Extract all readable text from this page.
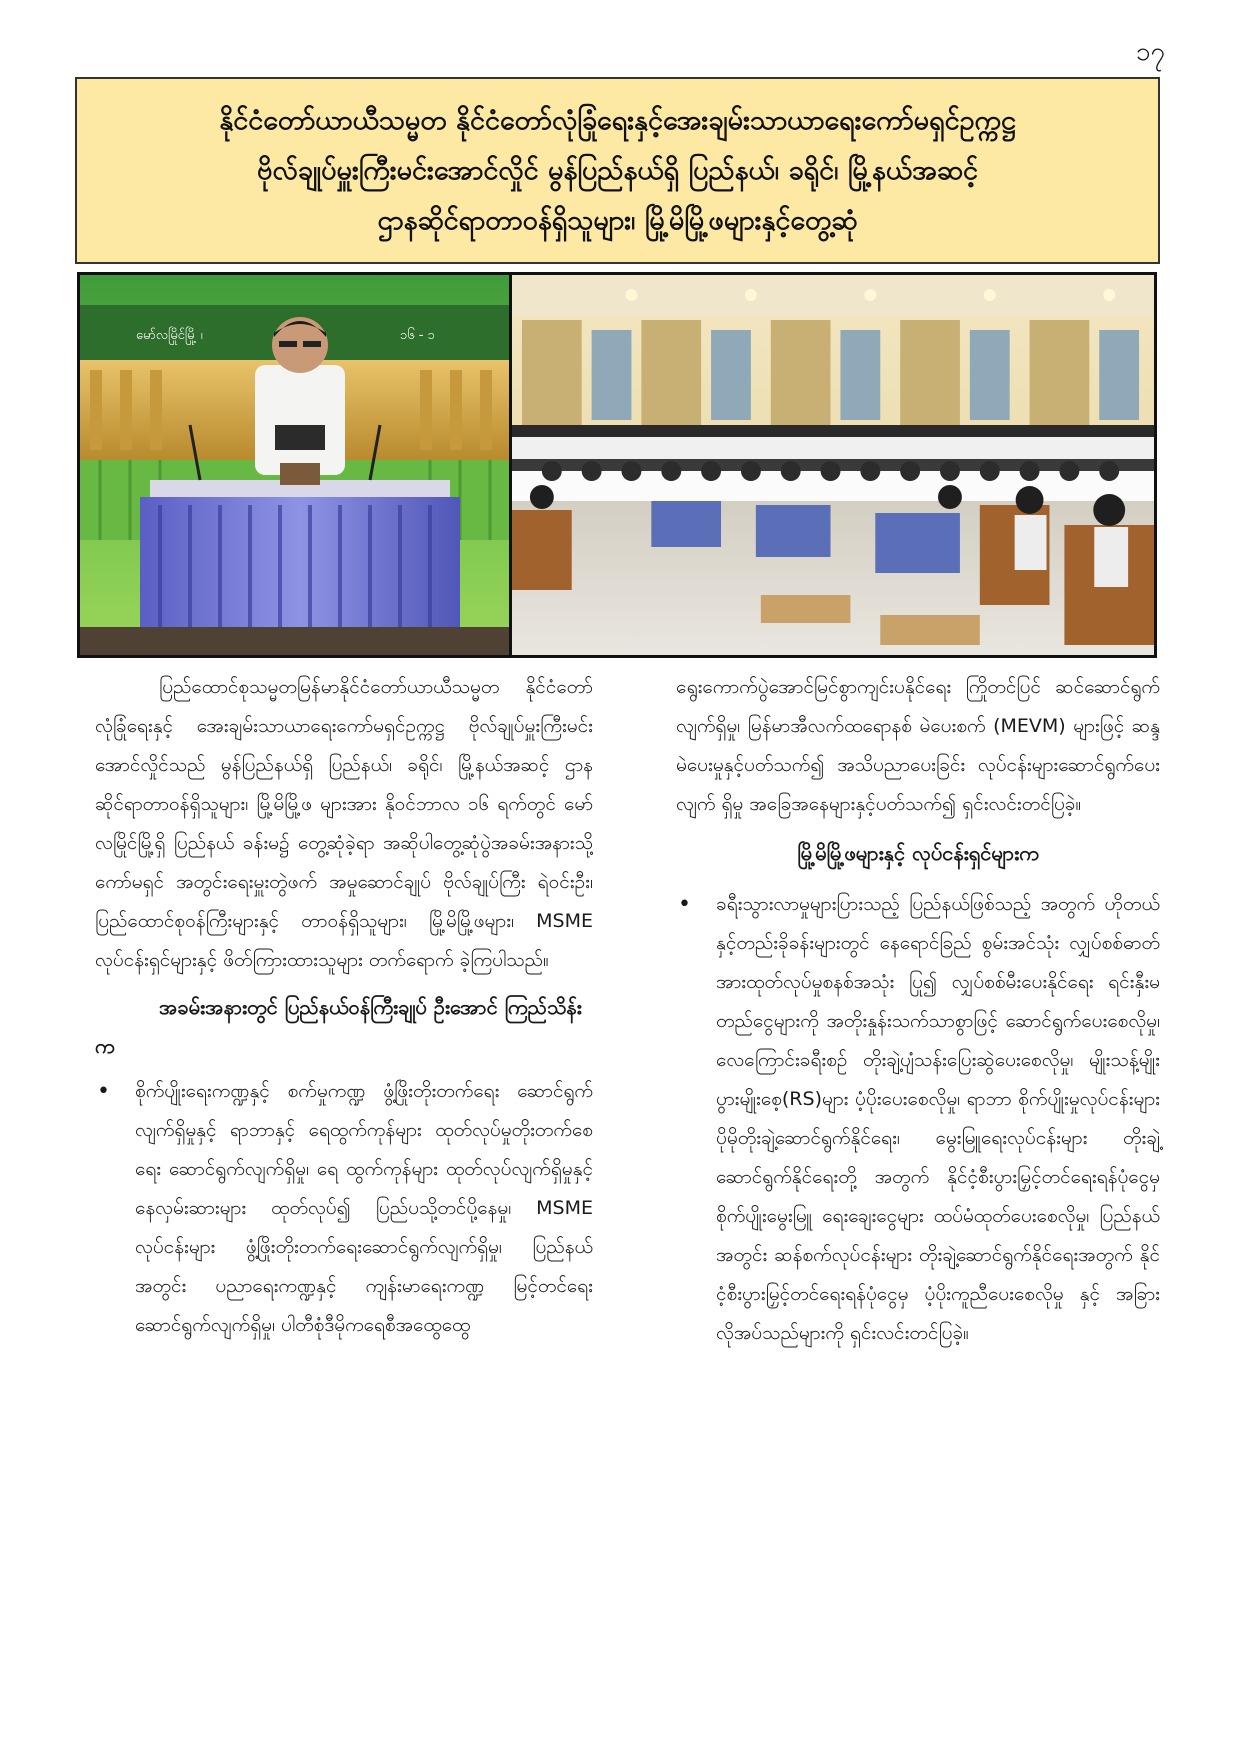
၁၇
နိုင်ငံတော်ယာယီသမ္မတ နိုင်ငံတော်လုံခြုံရေးနှင့်အေးချမ်းသာယာရေးကော်မရှင်ဥက္ကဋ္ဌ
ဗိုလ်ချုပ်မှူးကြီးမင်းအောင်လှိုင် မွန်ပြည်နယ်ရှိ ပြည်နယ်၊ ခရိုင်၊ မြို့နယ်အဆင့်
ဌာနဆိုင်ရာတာဝန်ရှိသူများ၊ မြို့မိမြို့ဖများနှင့်တွေ့ဆုံ
မော်လမြိုင်မြို့ ၊	၁၆ - ၁

ပြည်ထောင်စုသမ္မတမြန်မာနိုင်ငံတော်ယာယီသမ္မတ နိုင်ငံတော်လုံခြုံရေးနှင့် အေးချမ်းသာယာရေးကော်မရှင်ဥက္ကဋ္ဌ ဗိုလ်ချုပ်မှူးကြီးမင်းအောင်လှိုင်သည် မွန်ပြည်နယ်ရှိ ပြည်နယ်၊ ခရိုင်၊ မြို့နယ်အဆင့် ဌာနဆိုင်ရာတာဝန်ရှိသူများ၊ မြို့မိမြို့ဖ များအား နိုဝင်ဘာလ ၁၆ ရက်တွင် မော်လမြိုင်မြို့ရှိ ပြည်နယ် ခန်းမ၌ တွေ့ဆုံခဲ့ရာ အဆိုပါတွေ့ဆုံပွဲအခမ်းအနားသို့ ကော်မရှင် အတွင်းရေးမှူးတွဲဖက် အမှုဆောင်ချုပ် ဗိုလ်ချုပ်ကြီး ရဲဝင်းဦး၊ ပြည်ထောင်စုဝန်ကြီးများနှင့် တာဝန်ရှိသူများ၊ မြို့မိမြို့ဖများ၊ MSME လုပ်ငန်းရှင်များနှင့် ဖိတ်ကြားထားသူများ တက်ရောက် ခဲ့ကြပါသည်။

အခမ်းအနားတွင် ပြည်နယ်ဝန်ကြီးချုပ် ဦးအောင် ကြည်သိန်းက
• စိုက်ပျိုးရေးကဏ္ဍနှင့် စက်မှုကဏ္ဍ ဖွံ့ဖြိုးတိုးတက်ရေး ဆောင်ရွက်လျက်ရှိမှုနှင့် ရာဘာနှင့် ရေထွက်ကုန်များ ထုတ်လုပ်မှုတိုးတက်စေရေး ဆောင်ရွက်လျက်ရှိမှု၊ ရေ ထွက်ကုန်များ ထုတ်လုပ်လျက်ရှိမှုနှင့် နေလှမ်းဆားများ ထုတ်လုပ်၍ ပြည်ပသို့တင်ပို့နေမှု၊ MSME လုပ်ငန်းများ ဖွံ့ဖြိုးတိုးတက်ရေးဆောင်ရွက်လျက်ရှိမှု၊ ပြည်နယ်အတွင်း ပညာရေးကဏ္ဍနှင့် ကျန်းမာရေးကဏ္ဍ မြင့်တင်ရေး ဆောင်ရွက်လျက်ရှိမှု၊ ပါတီစုံဒီမိုကရေစီအထွေထွေ
ရွေးကောက်ပွဲအောင်မြင်စွာကျင်းပနိုင်ရေး ကြိုတင်ပြင် ဆင်ဆောင်ရွက်လျက်ရှိမှု၊ မြန်မာအီလက်ထရောနစ် မဲပေးစက် (MEVM) များဖြင့် ဆန္ဒမဲပေးမှုနှင့်ပတ်သက်၍ အသိပညာပေးခြင်း လုပ်ငန်းများဆောင်ရွက်ပေးလျက် ရှိမှု အခြေအနေများနှင့်ပတ်သက်၍ ရှင်းလင်းတင်ပြခဲ့။
မြို့မိမြို့ဖများနှင့် လုပ်ငန်းရှင်များက
• ခရီးသွားလာမှုများပြားသည့် ပြည်နယ်ဖြစ်သည့် အတွက် ဟိုတယ်နှင့်တည်းခိုခန်းများတွင် နေရောင်ခြည် စွမ်းအင်သုံး လျှပ်စစ်ဓာတ်အားထုတ်လုပ်မှုစနစ်အသုံး ပြု၍ လျှပ်စစ်မီးပေးနိုင်ရေး ရင်းနှီးမတည်ငွေများကို အတိုးနှုန်းသက်သာစွာဖြင့် ဆောင်ရွက်ပေးစေလိုမှု၊ လေကြောင်းခရီးစဉ် တိုးချဲ့ပျံသန်းပြေးဆွဲပေးစေလိုမှု၊ မျိုးသန့်မျိုးပွားမျိုးစေ့(RS)များ ပံ့ပိုးပေးစေလိုမှု၊ ရာဘာ စိုက်ပျိုးမှုလုပ်ငန်းများ ပိုမိုတိုးချဲ့ဆောင်ရွက်နိုင်ရေး၊ မွေးမြူရေးလုပ်ငန်းများ တိုးချဲ့ဆောင်ရွက်နိုင်ရေးတို့ အတွက် နိုင်ငံ့စီးပွားမြှင့်တင်ရေးရန်ပုံငွေမှ စိုက်ပျိုးမွေးမြူ ရေးချေးငွေများ ထပ်မံထုတ်ပေးစေလိုမှု၊ ပြည်နယ်အတွင်း ဆန်စက်လုပ်ငန်းများ တိုးချဲ့ဆောင်ရွက်နိုင်ရေးအတွက် နိုင်ငံ့စီးပွားမြှင့်တင်ရေးရန်ပုံငွေမှ ပံ့ပိုးကူညီပေးစေလိုမှု နှင့် အခြားလိုအပ်သည်များကို ရှင်းလင်းတင်ပြခဲ့။
